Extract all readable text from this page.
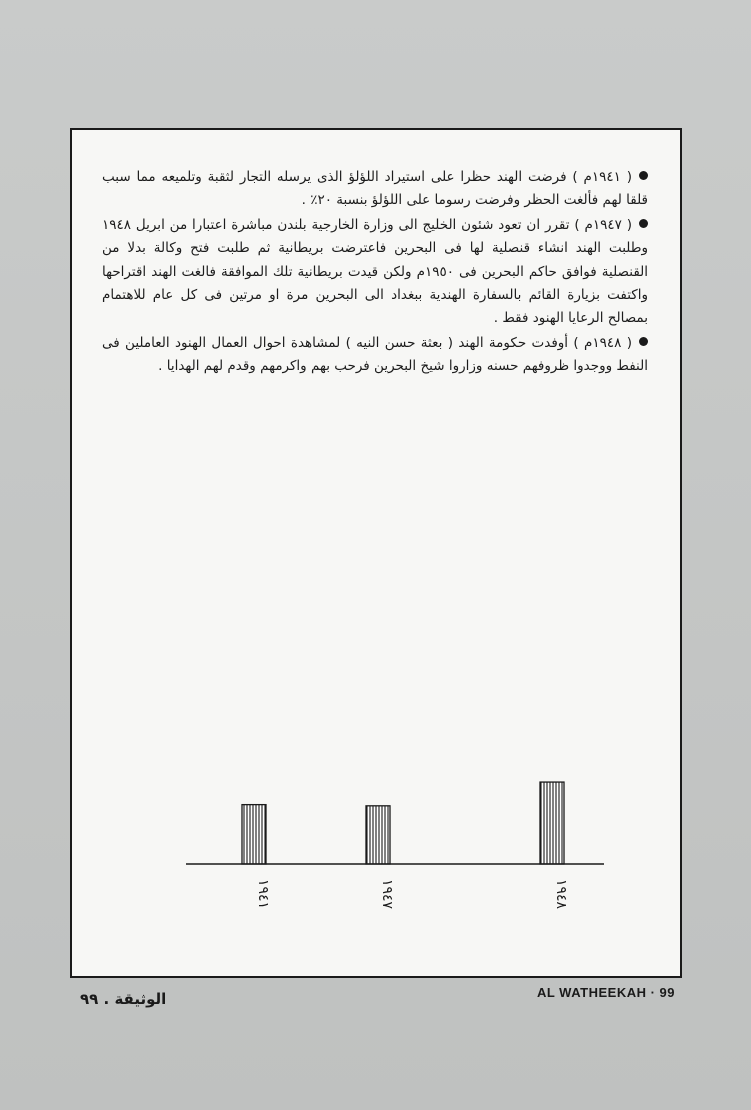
( ١٩٤١م ) فرضت الهند حظرا على استيراد اللؤلؤ الذى يرسله التجار لثقبة وتلميعه مما سبب قلقا لهم فألغت الحظر وفرضت رسوما على اللؤلؤ بنسبة ٢٠٪ .

( ١٩٤٧م ) تقرر ان تعود شئون الخليج الى وزارة الخارجية بلندن مباشرة اعتبارا من ابريل ١٩٤٨ وطلبت الهند انشاء قنصلية لها فى البحرين فاعترضت بريطانية ثم طلبت فتح وكالة بدلا من القنصلية فوافق حاكم البحرين فى ١٩٥٠م ولكن قيدت بريطانية تلك الموافقة فالغت الهند اقتراحها واكتفت بزيارة القائم بالسفارة الهندية ببغداد الى البحرين مرة او مرتين فى كل عام للاهتمام بمصالح الرعايا الهنود فقط .

( ١٩٤٨م ) أوفدت حكومة الهند ( بعثة حسن النيه ) لمشاهدة احوال العمال الهنود العاملين فى النفط ووجدوا ظروفهم حسنه وزاروا شيخ البحرين فرحب بهم واكرمهم وقدم لهم الهدايا .

١٩٤١	١٩٤٧	١٩٤٨
الوثيقة . ٩٩	AL WATHEEKAH · 99
